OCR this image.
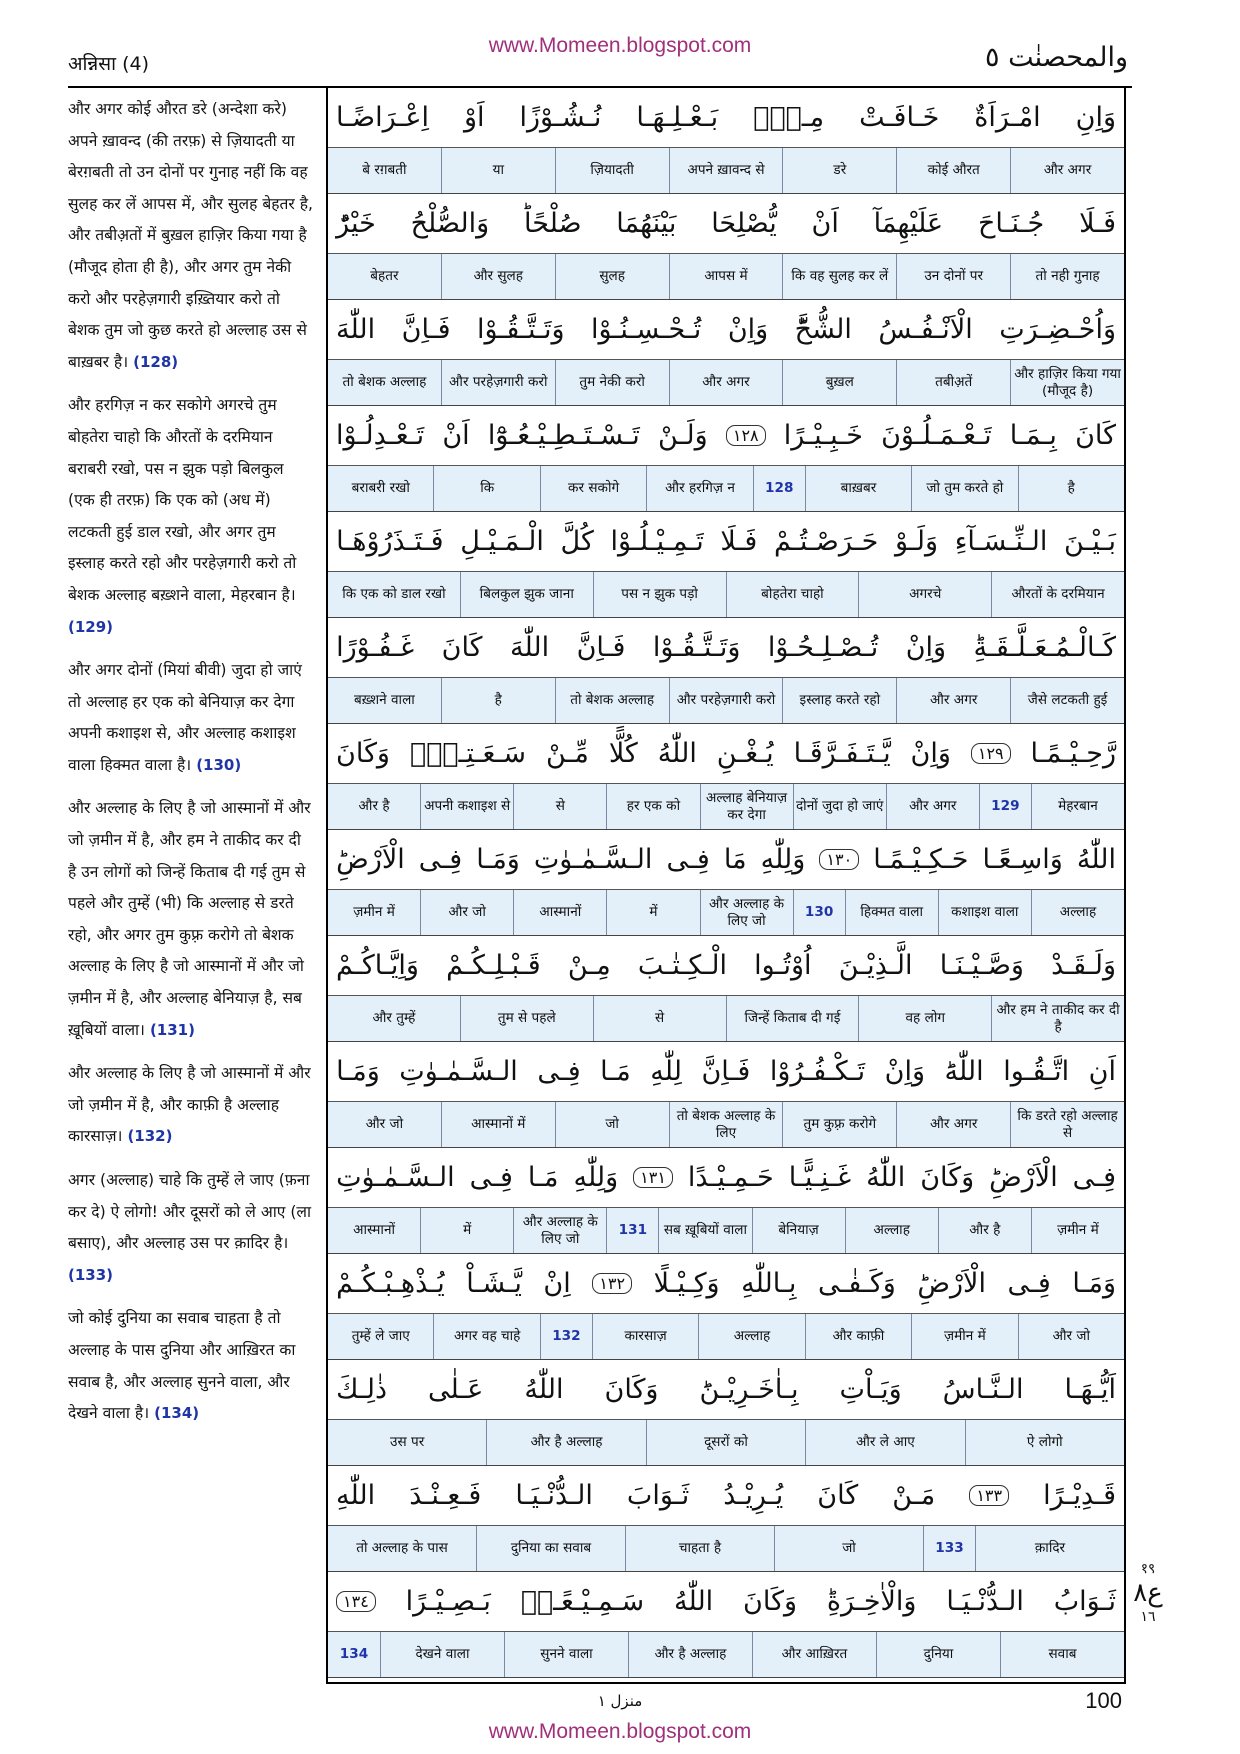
www.Momeen.blogspot.com
अन्निसा (4)	والمحصنٰت ٥
और अगर कोई औरत डरे (अन्देशा करे) अपने ख़ावन्द (की तरफ़) से ज़ियादती या बेरग़बती तो उन दोनों पर गुनाह नहीं कि वह सुलह कर लें आपस में, और सुलह बेहतर है, और तबीअ़तों में बुख़ल हाज़िर किया गया है (मौजूद होता ही है), और अगर तुम नेकी करो और परहेज़गारी इख़्तियार करो तो बेशक तुम जो कुछ करते हो अल्लाह उस से बाख़बर है। (128)
और हरगिज़ न कर सकोगे अगरचे तुम बोहतेरा चाहो कि औरतों के दरमियान बराबरी रखो, पस न झुक पड़ो बिलकुल (एक ही तरफ़) कि एक को (अध में) लटकती हुई डाल रखो, और अगर तुम इस्लाह करते रहो और परहेज़गारी करो तो बेशक अल्लाह बख़्शने वाला, मेहरबान है। (129)
और अगर दोनों (मियां बीवी) जुदा हो जाएं तो अल्लाह हर एक को बेनियाज़ कर देगा अपनी कशाइश से, और अल्लाह कशाइश वाला हिक्मत वाला है। (130)
और अल्लाह के लिए है जो आस्मानों में और जो ज़मीन में है, और हम ने ताकीद कर दी है उन लोगों को जिन्हें किताब दी गई तुम से पहले और तुम्हें (भी) कि अल्लाह से डरते रहो, और अगर तुम कुफ़्र करोगे तो बेशक अल्लाह के लिए है जो आस्मानों में और जो ज़मीन में है, और अल्लाह बेनियाज़ है, सब ख़ूबियों वाला। (131)
और अल्लाह के लिए है जो आस्मानों में और जो ज़मीन में है, और काफ़ी है अल्लाह कारसाज़। (132)
अगर (अल्लाह) चाहे कि तुम्हें ले जाए (फ़ना कर दे) ऐ लोगो! और दूसरों को ले आए (ला बसाए), और अल्लाह उस पर क़ादिर है। (133)
जो कोई दुनिया का सवाब चाहता है तो अल्लाह के पास दुनिया और आख़िरत का सवाब है, और अल्लाह सुनने वाला, और देखने वाला है। (134)
وَاِنِ
امْـرَاَةٌ
خَـافَـتْ
مِـنْۢ
بَـعْـلِـهَـا
نُـشُـوْزًا
اَوْ
اِعْـرَاضًـا
और अगर
कोई औरत
डरे
अपने ख़ावन्द से
ज़ियादती
या
बे रग़बती
فَـلَا
جُـنَـاحَ
عَلَيْهِمَآ
اَنْ
يُّصْلِحَا
بَيْنَهُمَا
صُلْحًاؕ
وَالصُّلْحُ
خَيْرٌؕ
तो नही गुनाह
उन दोनों पर
कि वह सुलह कर लें
आपस में
सुलह
और सुलह
बेहतर
وَاُحْـضِـرَتِ
الْاَنْـفُـسُ
الشُّحَّؕ
وَاِنْ
تُـحْـسِـنُـوْا
وَتَـتَّـقُـوْا
فَـاِنَّ
اللّٰهَ
और हाज़िर किया गया (मौजूद है)
तबीअ़तें
बुख़ल
और अगर
तुम नेकी करो
और परहेज़गारी करो
तो बेशक अल्लाह
كَانَ
بِـمَـا
تَـعْـمَـلُـوْنَ
خَـبِـيْـرًا
١٢٨
وَلَـنْ
تَـسْـتَـطِـيْـعُـوْٓا
اَنْ
تَـعْـدِلُـوْا
है
जो तुम करते हो
बाख़बर
128
और हरगिज़ न
कर सकोगे
कि
बराबरी रखो
بَـيْـنَ
الـنِّـسَـآءِ
وَلَـوْ
حَـرَصْـتُـمْ
فَـلَا
تَـمِـيْـلُـوْا
كُلَّ
الْـمَـيْـلِ
فَـتَـذَرُوْهَـا
औरतों के दरमियान
अगरचे
बोहतेरा चाहो
पस न झुक पड़ो
बिलकुल झुक जाना
कि एक को डाल रखो
كَـالْـمُـعَـلَّـقَـةِؕ
وَاِنْ
تُـصْـلِـحُـوْا
وَتَـتَّـقُـوْا
فَـاِنَّ
اللّٰهَ
كَانَ
غَـفُـوْرًا
जैसे लटकती हुई
और अगर
इस्लाह करते रहो
और परहेज़गारी करो
तो बेशक अल्लाह
है
बख़्शने वाला
رَّحِـيْـمًـا
١٢٩
وَاِنْ
يَّـتَـفَـرَّقَـا
يُـغْـنِ
اللّٰهُ
كُلًّا
مِّـنْ
سَـعَـتِـهٖؕ
وَكَانَ
मेहरबान
129
और अगर
दोनों जुदा हो जाएं
अल्लाह बेनियाज़ कर देगा
हर एक को
से
अपनी कशाइश से
और है
اللّٰهُ
وَاسِـعًـا
حَـكِـيْـمًـا
١٣٠
وَلِلّٰهِ
مَا
فِـى
الـسَّـمٰـوٰتِ
وَمَـا
فِـى
الْاَرْضِؕ
अल्लाह
कशाइश वाला
हिक्मत वाला
130
और अल्लाह के लिए जो
में
आस्मानों
और जो
ज़मीन में
وَلَـقَـدْ
وَصَّـيْـنَـا
الَّـذِيْـنَ
اُوْتُـوا
الْـكِـتٰـبَ
مِـنْ
قَـبْـلِـكُـمْ
وَاِيَّـاكُـمْ
और हम ने ताकीद कर दी है
वह लोग
जिन्हें किताब दी गई
से
तुम से पहले
और तुम्हें
اَنِ
اتَّـقُـوا
اللّٰهَؕ
وَاِنْ
تَـكْـفُـرُوْا
فَـاِنَّ
لِلّٰهِ
مَـا
فِـى
الـسَّـمٰـوٰتِ
وَمَـا
कि डरते रहो अल्लाह से
और अगर
तुम कुफ़्र करोगे
तो बेशक अल्लाह के लिए
जो
आस्मानों में
और जो
فِـى
الْاَرْضِؕ
وَكَانَ
اللّٰهُ
غَـنِـيًّـا
حَـمِـيْـدًا
١٣١
وَلِلّٰهِ
مَـا
فِـى
الـسَّـمٰـوٰتِ
ज़मीन में
और है
अल्लाह
बेनियाज़
सब ख़ूबियों वाला
131
और अल्लाह के लिए जो
में
आस्मानों
وَمَـا
فِـى
الْاَرْضِؕ
وَكَـفٰـى
بِـاللّٰهِ
وَكِـيْـلًا
١٣٢
اِنْ
يَّـشَـاْ
يُـذْهِـبْـكُـمْ
और जो
ज़मीन में
और काफ़ी
अल्लाह
कारसाज़
132
अगर वह चाहे
तुम्हें ले जाए
اَيُّـهَـا
الـنَّـاسُ
وَيَـاْتِ
بِـاٰخَـرِيْـنَؕ
وَكَانَ
اللّٰهُ
عَـلٰى
ذٰلِـكَ
ऐ लोगो
और ले आए
दूसरों को
और है अल्लाह
उस पर
قَـدِيْـرًا
١٣٣
مَـنْ
كَانَ
يُـرِيْـدُ
ثَـوَابَ
الـدُّنْـيَـا
فَـعِـنْـدَ
اللّٰهِ
क़ादिर
133
जो
चाहता है
दुनिया का सवाब
तो अल्लाह के पास
ثَـوَابُ
الـدُّنْـيَـا
وَالْاٰخِـرَةِؕ
وَكَانَ
اللّٰهُ
سَـمِـيْـعًـاۢ
بَـصِـيْـرًا
١٣٤
सवाब
दुनिया
और आख़िरत
और है अल्लाह
सुनने वाला
देखने वाला
134
१९
ع٨
١٦
منزل ١	100
www.Momeen.blogspot.com
